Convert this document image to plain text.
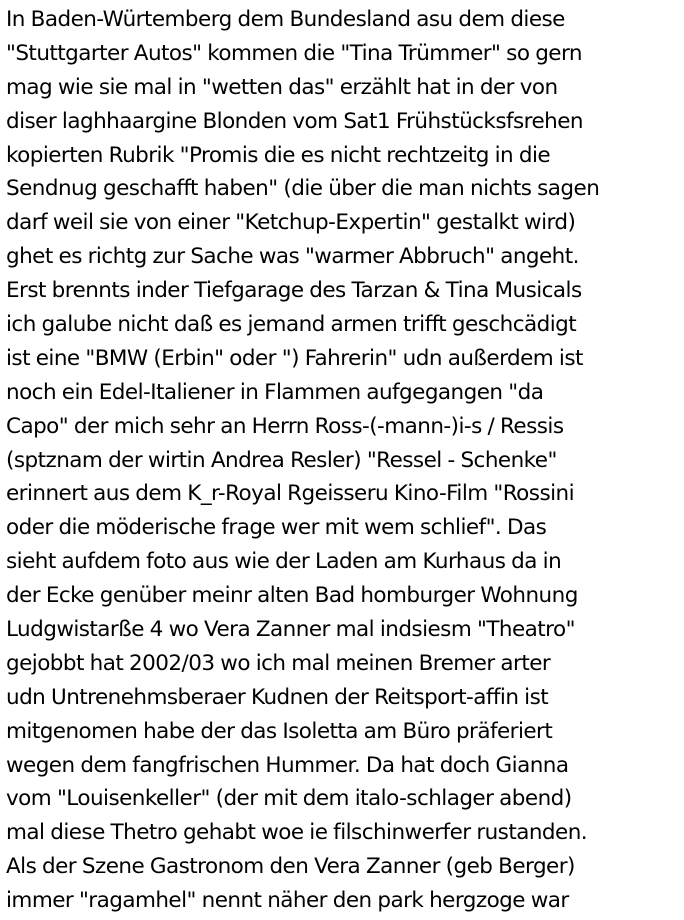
In Baden-Würtemberg dem Bundesland asu dem diese
"Stuttgarter Autos" kommen die "Tina Trümmer" so gern
mag wie sie mal in "wetten das" erzählt hat in der von
diser laghhaargine Blonden vom Sat1 Frühstücksfsrehen
kopierten Rubrik "Promis die es nicht rechtzeitg in die
Sendnug geschafft haben" (die über die man nichts sagen
darf weil sie von einer "Ketchup-Expertin" gestalkt wird)
ghet es richtg zur Sache was "warmer Abbruch" angeht.
Erst brennts inder Tiefgarage des Tarzan & Tina Musicals
ich galube nicht daß es jemand armen trifft geschcädigt
ist eine "BMW (Erbin" oder ") Fahrerin" udn außerdem ist
noch ein Edel-Italiener in Flammen aufgegangen "da
Capo" der mich sehr an Herrn Ross-(-mann-)i-s / Ressis
(sptznam der wirtin Andrea Resler) "Ressel - Schenke"
erinnert aus dem K_r-Royal Rgeisseru Kino-Film "Rossini
oder die möderische frage wer mit wem schlief". Das
sieht aufdem foto aus wie der Laden am Kurhaus da in
der Ecke genüber meinr alten Bad homburger Wohnung
Ludgwistarße 4 wo Vera Zanner mal indsiesm "Theatro"
gejobbt hat 2002/03 wo ich mal meinen Bremer arter
udn Untrenehmsberaer Kudnen der Reitsport-affin ist
mitgenomen habe der das Isoletta am Büro präferiert
wegen dem fangfrischen Hummer. Da hat doch Gianna
vom "Louisenkeller" (der mit dem italo-schlager abend)
mal diese Thetro gehabt woe ie filschinwerfer rustanden.
Als der Szene Gastronom den Vera Zanner (geb Berger)
immer "ragamhel" nennt näher den park hergzoge war
